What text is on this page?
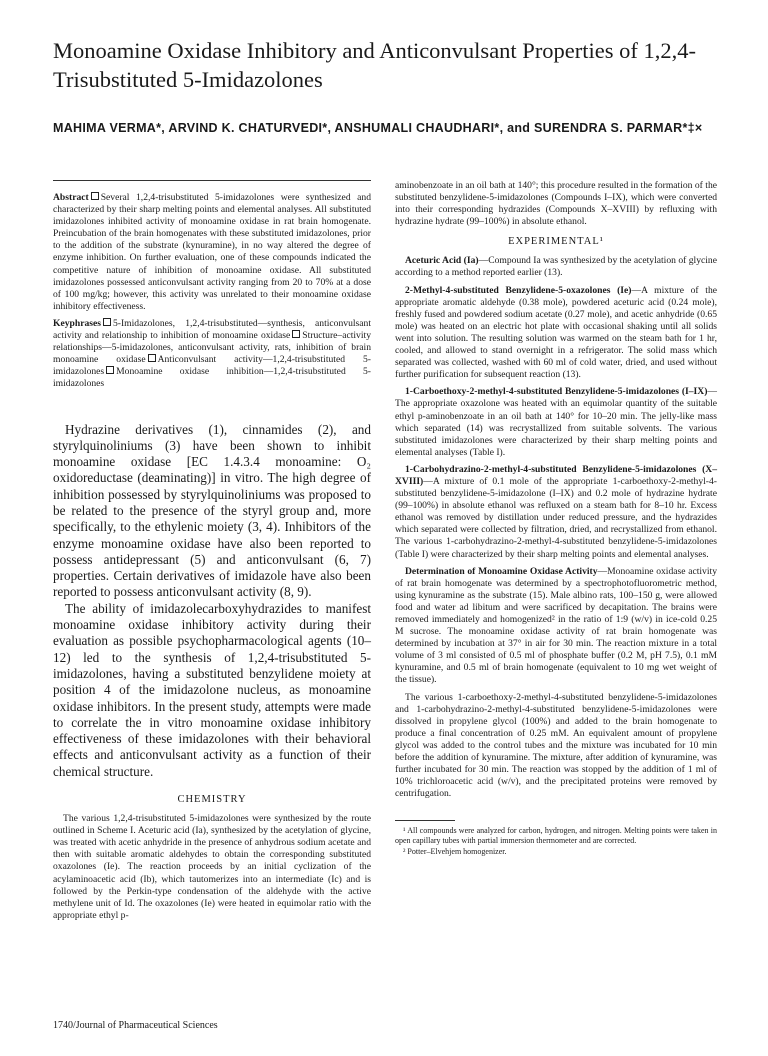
Monoamine Oxidase Inhibitory and Anticonvulsant Properties of 1,2,4-Trisubstituted 5-Imidazolones
MAHIMA VERMA*, ARVIND K. CHATURVEDI*, ANSHUMALI CHAUDHARI*, and SURENDRA S. PARMAR*‡×

Abstract Several 1,2,4-trisubstituted 5-imidazolones were synthesized and characterized by their sharp melting points and elemental analyses. All substituted imidazolones inhibited activity of monoamine oxidase in rat brain homogenate. Preincubation of the brain homogenates with these substituted imidazolones, prior to the addition of the substrate (kynuramine), in no way altered the degree of enzyme inhibition. On further evaluation, one of these compounds indicated the competitive nature of inhibition of monoamine oxidase. All substituted imidazolones possessed anticonvulsant activity ranging from 20 to 70% at a dose of 100 mg/kg; however, this activity was unrelated to their monoamine oxidase inhibitory effectiveness.

Keyphrases 5-Imidazolones, 1,2,4-trisubstituted—synthesis, anticonvulsant activity and relationship to inhibition of monoamine oxidase Structure–activity relationships—5-imidazolones, anticonvulsant activity, rats, inhibition of brain monoamine oxidase Anticonvulsant activity—1,2,4-trisubstituted 5-imidazolones Monoamine oxidase inhibition—1,2,4-trisubstituted 5-imidazolones

Hydrazine derivatives (1), cinnamides (2), and styrylquinoliniums (3) have been shown to inhibit monoamine oxidase [EC 1.4.3.4 monoamine: O₂ oxidoreductase (deaminating)] in vitro. The high degree of inhibition possessed by styrylquinoliniums was proposed to be related to the presence of the styryl group and, more specifically, to the ethylenic moiety (3, 4). Inhibitors of the enzyme monoamine oxidase have also been reported to possess antidepressant (5) and anticonvulsant (6, 7) properties. Certain derivatives of imidazole have also been reported to possess anticonvulsant activity (8, 9).

The ability of imidazolecarboxyhydrazides to manifest monoamine oxidase inhibitory activity during their evaluation as possible psychopharmacological agents (10–12) led to the synthesis of 1,2,4-trisubstituted 5-imidazolones, having a substituted benzylidene moiety at position 4 of the imidazolone nucleus, as monoamine oxidase inhibitors. In the present study, attempts were made to correlate the in vitro monoamine oxidase inhibitory effectiveness of these imidazolones with their behavioral effects and anticonvulsant activity as a function of their chemical structure.

CHEMISTRY

The various 1,2,4-trisubstituted 5-imidazolones were synthesized by the route outlined in Scheme I. Aceturic acid (Ia), synthesized by the acetylation of glycine, was treated with acetic anhydride in the presence of anhydrous sodium acetate and then with suitable aromatic aldehydes to obtain the corresponding substituted oxazolones (Ie). The reaction proceeds by an initial cyclization of the acylaminoacetic acid (Ib), which tautomerizes into an intermediate (Ic) and is followed by the Perkin-type condensation of the aldehyde with the active methylene unit of Id. The oxazolones (Ie) were heated in equimolar ratio with the appropriate ethyl p-

aminobenzoate in an oil bath at 140°; this procedure resulted in the formation of the substituted benzylidene-5-imidazolones (Compounds I–IX), which were converted into their corresponding hydrazides (Compounds X–XVIII) by refluxing with hydrazine hydrate (99–100%) in absolute ethanol.

EXPERIMENTAL¹

Aceturic Acid (Ia)—Compound Ia was synthesized by the acetylation of glycine according to a method reported earlier (13).

2-Methyl-4-substituted Benzylidene-5-oxazolones (Ie)—A mixture of the appropriate aromatic aldehyde (0.38 mole), powdered aceturic acid (0.24 mole), freshly fused and powdered sodium acetate (0.27 mole), and acetic anhydride (0.65 mole) was heated on an electric hot plate with occasional shaking until all solids went into solution. The resulting solution was warmed on the steam bath for 1 hr, cooled, and allowed to stand overnight in a refrigerator. The solid mass which separated was collected, washed with 60 ml of cold water, dried, and used without further purification for subsequent reaction (13).

1-Carboethoxy-2-methyl-4-substituted Benzylidene-5-imidazolones (I–IX)—The appropriate oxazolone was heated with an equimolar quantity of the suitable ethyl p-aminobenzoate in an oil bath at 140° for 10–20 min. The jelly-like mass which separated (14) was recrystallized from suitable solvents. The various substituted imidazolones were characterized by their sharp melting points and elemental analyses (Table I).

1-Carbohydrazino-2-methyl-4-substituted Benzylidene-5-imidazolones (X–XVIII)—A mixture of 0.1 mole of the appropriate 1-carboethoxy-2-methyl-4-substituted benzylidene-5-imidazolone (I–IX) and 0.2 mole of hydrazine hydrate (99–100%) in absolute ethanol was refluxed on a steam bath for 8–10 hr. Excess ethanol was removed by distillation under reduced pressure, and the hydrazides which separated were collected by filtration, dried, and recrystallized from ethanol. The various 1-carbohydrazino-2-methyl-4-substituted benzylidene-5-imidazolones (Table I) were characterized by their sharp melting points and elemental analyses.

Determination of Monoamine Oxidase Activity—Monoamine oxidase activity of rat brain homogenate was determined by a spectrophotofluorometric method, using kynuramine as the substrate (15). Male albino rats, 100–150 g, were allowed food and water ad libitum and were sacrificed by decapitation. The brains were removed immediately and homogenized² in the ratio of 1:9 (w/v) in ice-cold 0.25 M sucrose. The monoamine oxidase activity of rat brain homogenate was determined by incubation at 37° in air for 30 min. The reaction mixture in a total volume of 3 ml consisted of 0.5 ml of phosphate buffer (0.2 M, pH 7.5), 0.1 mM kynuramine, and 0.5 ml of brain homogenate (equivalent to 10 mg wet weight of the tissue).

The various 1-carboethoxy-2-methyl-4-substituted benzylidene-5-imidazolones and 1-carbohydrazino-2-methyl-4-substituted benzylidene-5-imidazolones were dissolved in propylene glycol (100%) and added to the brain homogenate to produce a final concentration of 0.25 mM. An equivalent amount of propylene glycol was added to the control tubes and the mixture was incubated for 10 min before the addition of kynuramine. The mixture, after addition of kynuramine, was further incubated for 30 min. The reaction was stopped by the addition of 1 ml of 10% trichloroacetic acid (w/v), and the precipitated proteins were removed by centrifugation.

¹ All compounds were analyzed for carbon, hydrogen, and nitrogen. Melting points were taken in open capillary tubes with partial immersion thermometer and are corrected.

² Potter–Elvehjem homogenizer.

1740/Journal of Pharmaceutical Sciences
